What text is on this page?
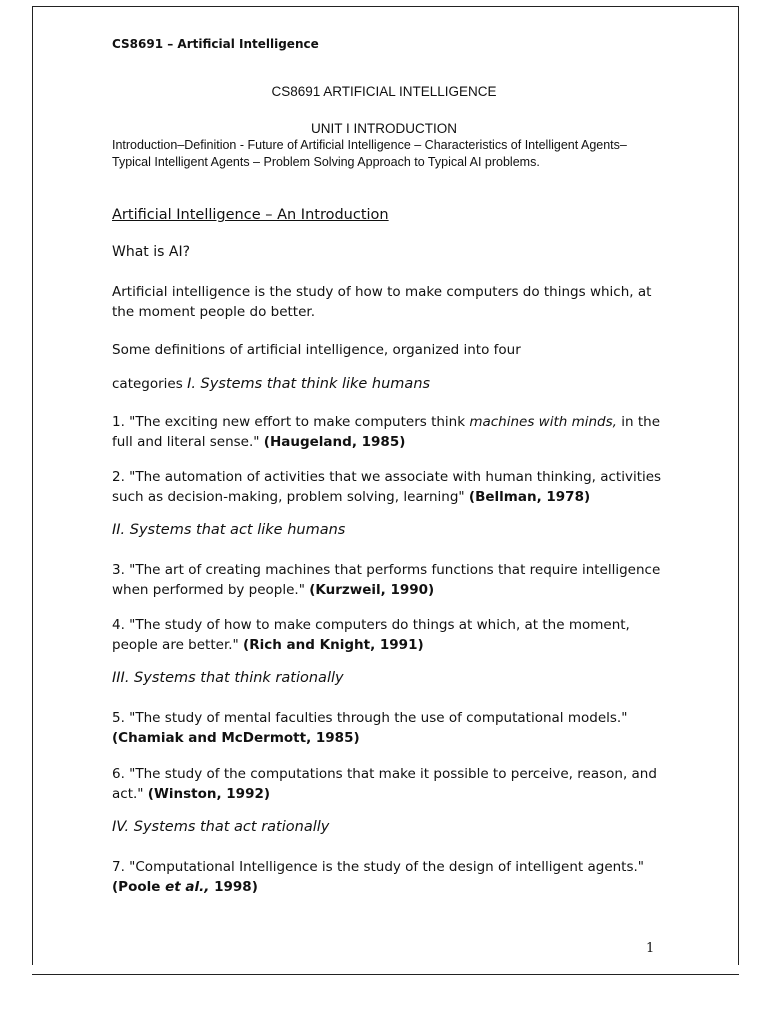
CS8691 – Artificial Intelligence

CS8691 ARTIFICIAL INTELLIGENCE

UNIT I INTRODUCTION

Introduction–Definition - Future of Artificial Intelligence – Characteristics of Intelligent Agents–Typical Intelligent Agents – Problem Solving Approach to Typical AI problems.

Artificial Intelligence – An Introduction

What is AI?

Artificial intelligence is the study of how to make computers do things which, at the moment people do better.

Some definitions of artificial intelligence, organized into four

categories I. Systems that think like humans

1. "The exciting new effort to make computers think machines with minds, in the full and literal sense." (Haugeland, 1985)

2. "The automation of activities that we associate with human thinking, activities such as decision-making, problem solving, learning" (Bellman, 1978)

II. Systems that act like humans

3. "The art of creating machines that performs functions that require intelligence when performed by people." (Kurzweil, 1990)

4. "The study of how to make computers do things at which, at the moment, people are better." (Rich and Knight, 1991)

III. Systems that think rationally

5. "The study of mental faculties through the use of computational models." (Chamiak and McDermott, 1985)

6. "The study of the computations that make it possible to perceive, reason, and act." (Winston, 1992)

IV. Systems that act rationally

7. "Computational Intelligence is the study of the design of intelligent agents." (Poole et al., 1998)

1
